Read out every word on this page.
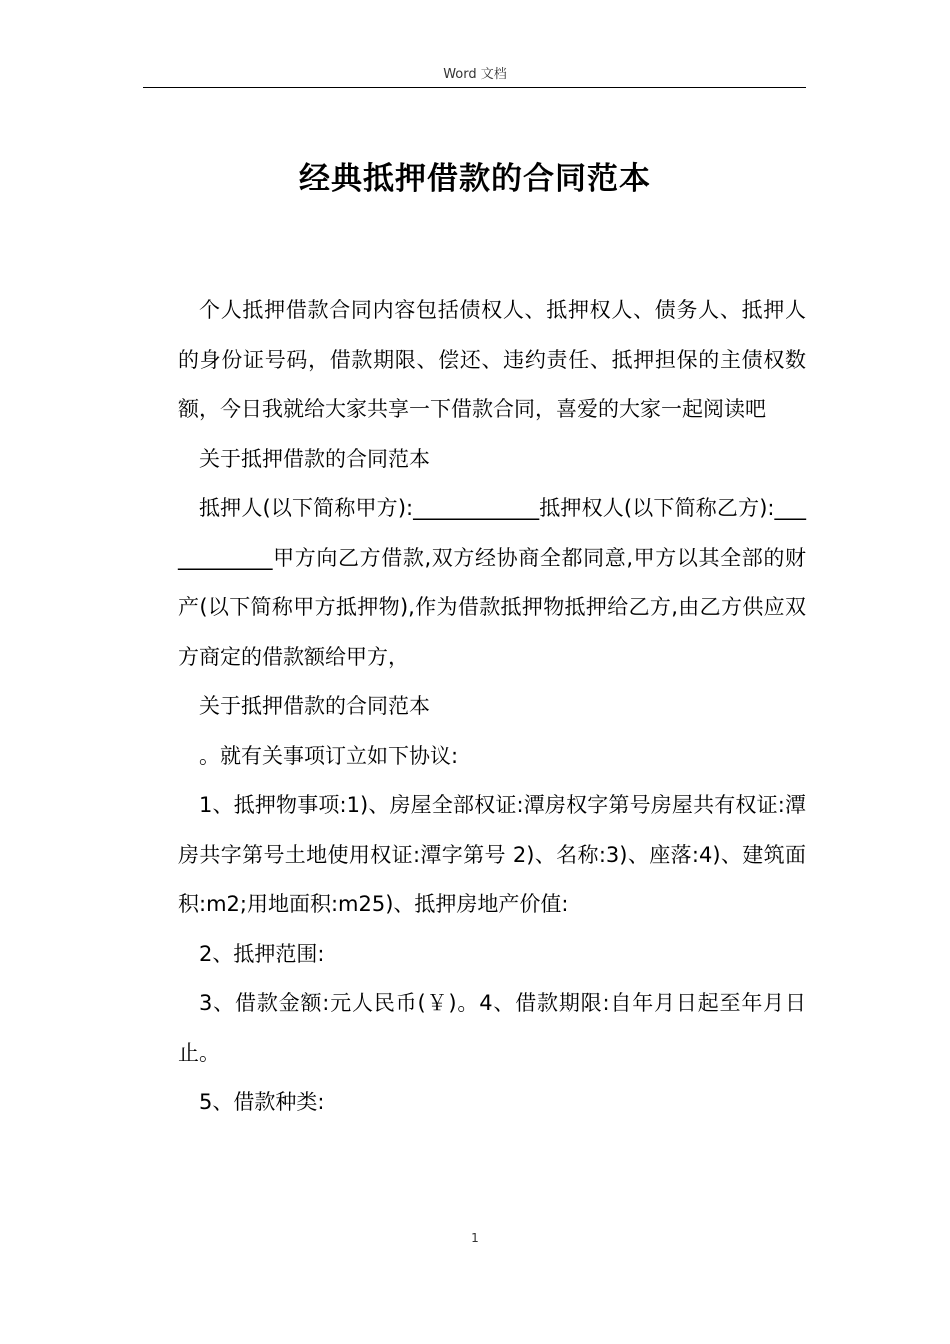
Word 文档
经典抵押借款的合同范本

个人抵押借款合同内容包括债权人、抵押权人、债务人、抵押人的身份证号码，借款期限、偿还、违约责任、抵押担保的主债权数额，今日我就给大家共享一下借款合同，喜爱的大家一起阅读吧

关于抵押借款的合同范本

抵押人(以下简称甲方):____________抵押权人(以下简称乙方):____________甲方向乙方借款,双方经协商全都同意,甲方以其全部的财产(以下简称甲方抵押物),作为借款抵押物抵押给乙方,由乙方供应双方商定的借款额给甲方，

关于抵押借款的合同范本

。就有关事项订立如下协议:

1、抵押物事项:1)、房屋全部权证:潭房权字第号房屋共有权证:潭房共字第号土地使用权证:潭字第号 2)、名称:3)、座落:4)、建筑面积:m2;用地面积:m25)、抵押房地产价值:

2、抵押范围:

3、借款金额:元人民币(￥)。4、借款期限:自年月日起至年月日止。

5、借款种类:

1
